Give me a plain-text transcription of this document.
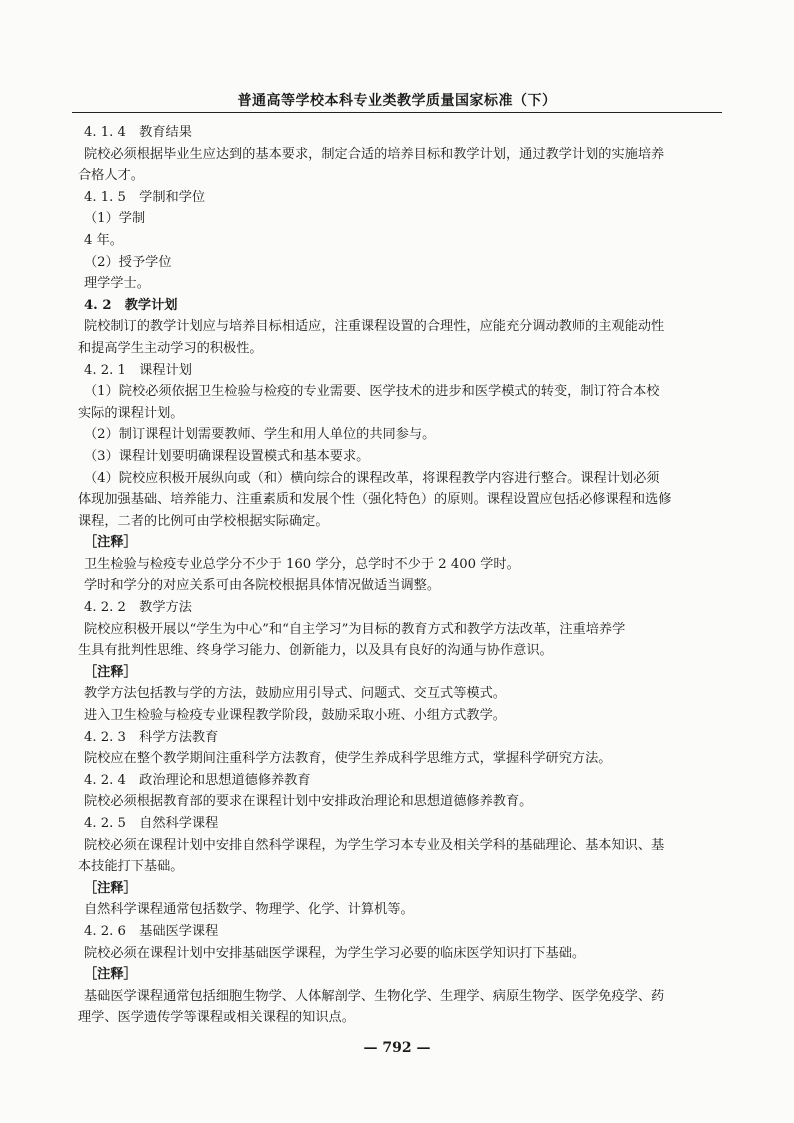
普通高等学校本科专业类教学质量国家标准（下）

4. 1. 4　教育结果

院校必须根据毕业生应达到的基本要求，制定合适的培养目标和教学计划，通过教学计划的实施培养

合格人才。

4. 1. 5　学制和学位

（1）学制

4 年。

（2）授予学位

理学学士。

4. 2　教学计划

院校制订的教学计划应与培养目标相适应，注重课程设置的合理性，应能充分调动教师的主观能动性

和提高学生主动学习的积极性。

4. 2. 1　课程计划

（1）院校必须依据卫生检验与检疫的专业需要、医学技术的进步和医学模式的转变，制订符合本校

实际的课程计划。

（2）制订课程计划需要教师、学生和用人单位的共同参与。

（3）课程计划要明确课程设置模式和基本要求。

（4）院校应积极开展纵向或（和）横向综合的课程改革，将课程教学内容进行整合。课程计划必须

体现加强基础、培养能力、注重素质和发展个性（强化特色）的原则。课程设置应包括必修课程和选修

课程，二者的比例可由学校根据实际确定。

［注释］

卫生检验与检疫专业总学分不少于 160 学分，总学时不少于 2 400 学时。

学时和学分的对应关系可由各院校根据具体情况做适当调整。

4. 2. 2　教学方法

院校应积极开展以“学生为中心”和“自主学习”为目标的教育方式和教学方法改革，注重培养学

生具有批判性思维、终身学习能力、创新能力，以及具有良好的沟通与协作意识。

［注释］

教学方法包括教与学的方法，鼓励应用引导式、问题式、交互式等模式。

进入卫生检验与检疫专业课程教学阶段，鼓励采取小班、小组方式教学。

4. 2. 3　科学方法教育

院校应在整个教学期间注重科学方法教育，使学生养成科学思维方式，掌握科学研究方法。

4. 2. 4　政治理论和思想道德修养教育

院校必须根据教育部的要求在课程计划中安排政治理论和思想道德修养教育。

4. 2. 5　自然科学课程

院校必须在课程计划中安排自然科学课程，为学生学习本专业及相关学科的基础理论、基本知识、基

本技能打下基础。

［注释］

自然科学课程通常包括数学、物理学、化学、计算机等。

4. 2. 6　基础医学课程

院校必须在课程计划中安排基础医学课程，为学生学习必要的临床医学知识打下基础。

［注释］

基础医学课程通常包括细胞生物学、人体解剖学、生物化学、生理学、病原生物学、医学免疫学、药

理学、医学遗传学等课程或相关课程的知识点。

— 792 —
